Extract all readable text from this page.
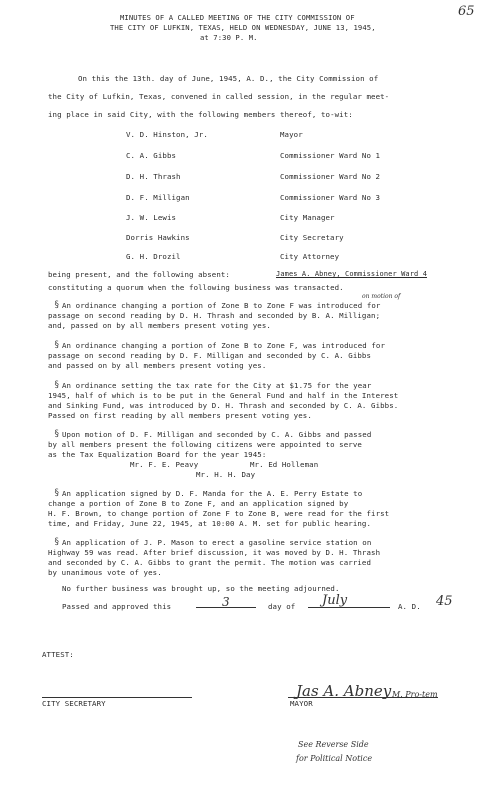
65
MINUTES OF A CALLED MEETING OF THE CITY COMMISSION OF
THE CITY OF LUFKIN, TEXAS, HELD ON WEDNESDAY, JUNE 13, 1945,
at 7:30 P. M.
On this the 13th. day of June, 1945, A. D., the City Commission of
the City of Lufkin, Texas, convened in called session, in the regular meet-
ing place in said City, with the following members thereof, to-wit:
V. D. Hinston, Jr.	Mayor
C. A. Gibbs	Commissioner Ward No 1
D. H. Thrash	Commissioner Ward No 2
D. F. Milligan	Commissioner Ward No 3
J. W. Lewis	City Manager
Dorris Hawkins	City Secretary
G. H. Drozil	City Attorney
being present, and the following absent:	James A. Abney, Commissioner Ward 4
constituting a quorum when the following business was transacted.
on motion of
§ An ordinance changing a portion of Zone B to Zone F was introduced for
passage on second reading by D. H. Thrash and seconded by B. A. Milligan;
and, passed on by all members present voting yes.
§ An ordinance changing a portion of Zone B to Zone F, was introduced for
passage on second reading by D. F. Milligan and seconded by C. A. Gibbs
and passed on by all members present voting yes.
§ An ordinance setting the tax rate for the City at $1.75 for the year
1945, half of which is to be put in the General Fund and half in the Interest
and Sinking Fund, was introduced by D. H. Thrash and seconded by C. A. Gibbs.
Passed on first reading by all members present voting yes.
§ Upon motion of D. F. Milligan and seconded by C. A. Gibbs and passed
by all members present the following citizens were appointed to serve
as the Tax Equalization Board for the year 1945:
Mr. F. E. Peavy	Mr. Ed Holleman
Mr. H. H. Day
§ An application signed by D. F. Manda for the A. E. Perry Estate to
change a portion of Zone B to Zone F, and an application signed by
H. F. Brown, to change portion of Zone F to Zone B, were read for the first
time, and Friday, June 22, 1945, at 10:00 A. M. set for public hearing.
§ An application of J. P. Mason to erect a gasoline service station on
Highway 59 was read. After brief discussion, it was moved by D. H. Thrash
and seconded by C. A. Gibbs to grant the permit. The motion was carried
by unanimous vote of yes.
No further business was brought up, so the meeting adjourned.
Passed and approved this	3	day of July	A. D. 45
ATTEST:
Jas A. Abney M. Pro-tem
CITY SECRETARY	MAYOR
See Reverse Side
for Political Notice
